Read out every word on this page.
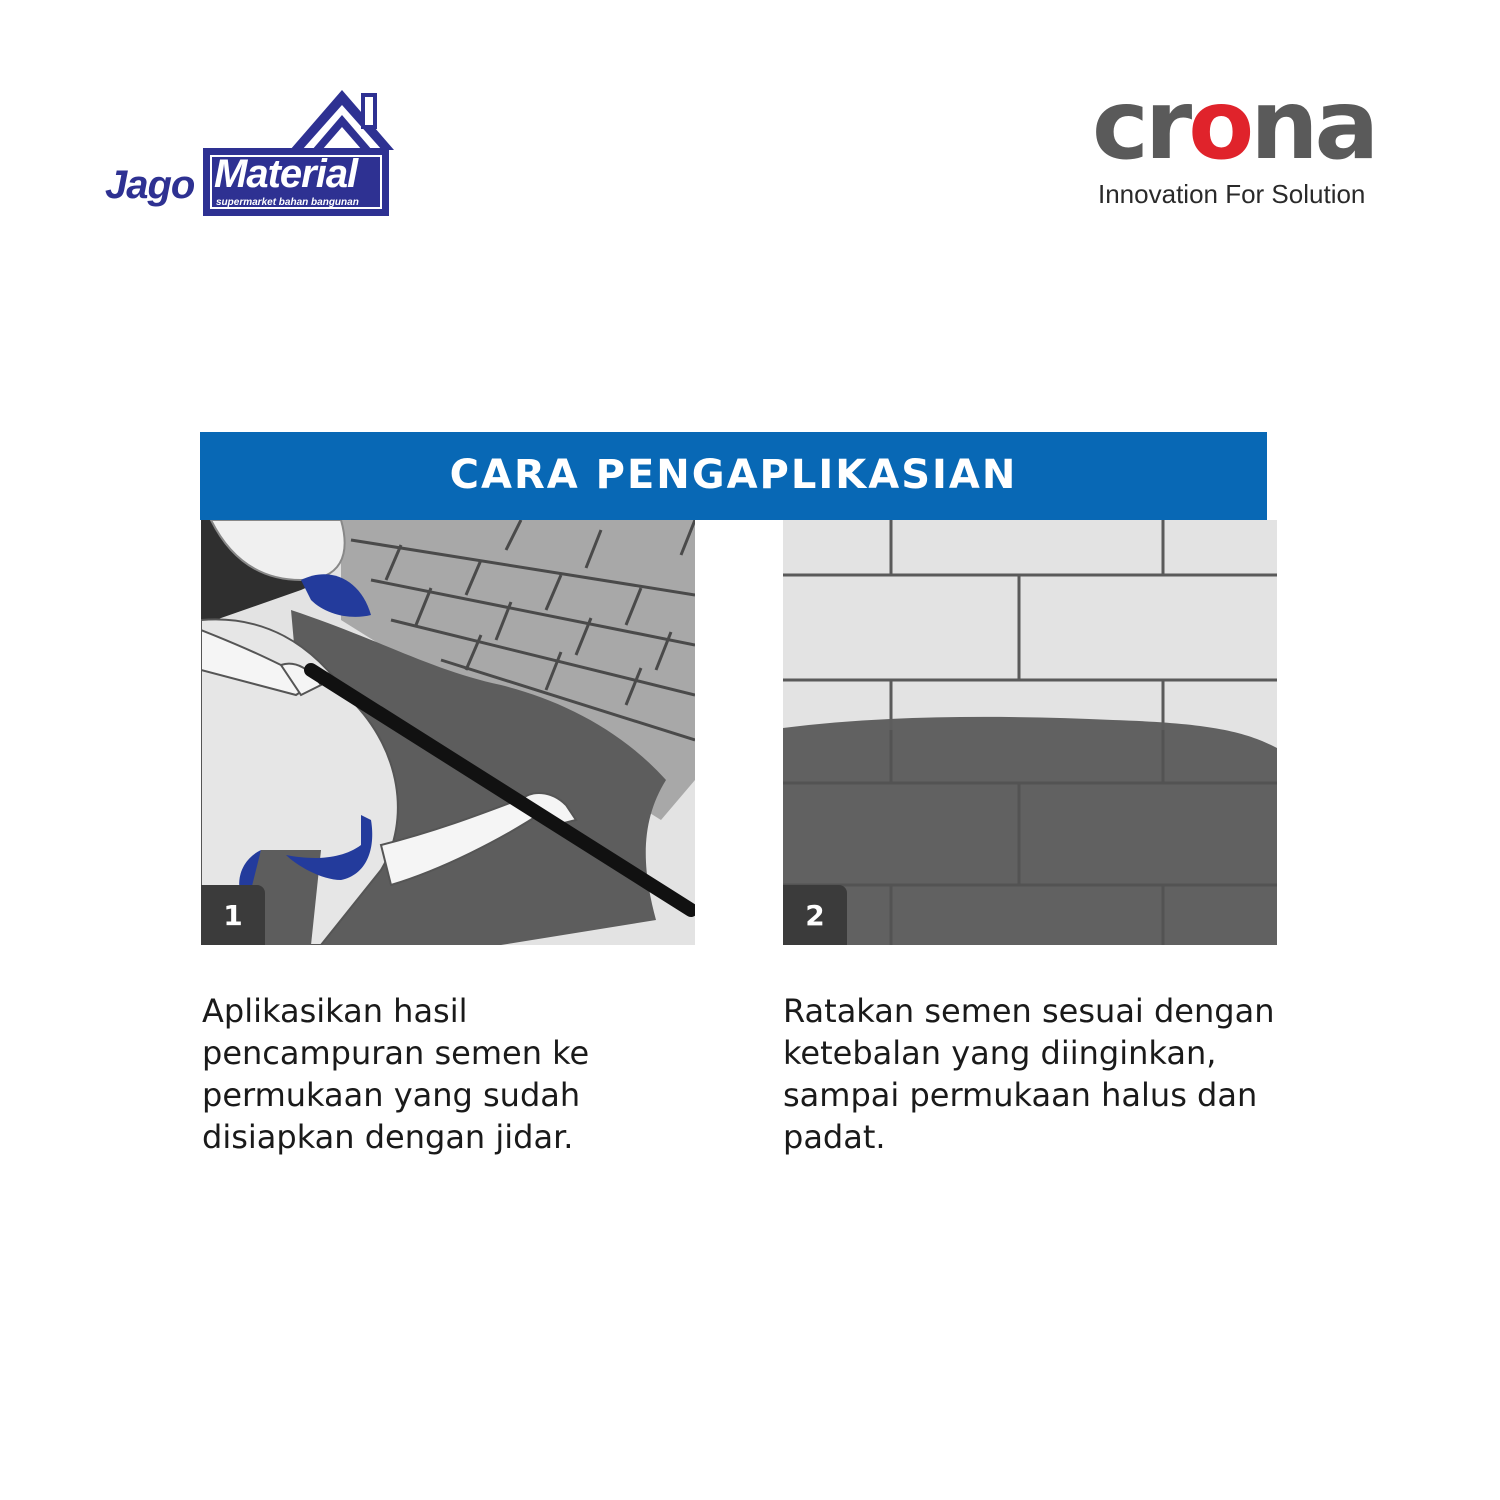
Jago Material
supermarket bahan bangunan
crona
Innovation For Solution
CARA PENGAPLIKASIAN
1	2
Aplikasikan hasil pencampuran semen ke permukaan yang sudah disiapkan dengan jidar.
Ratakan semen sesuai dengan ketebalan yang diinginkan, sampai permukaan halus dan padat.
